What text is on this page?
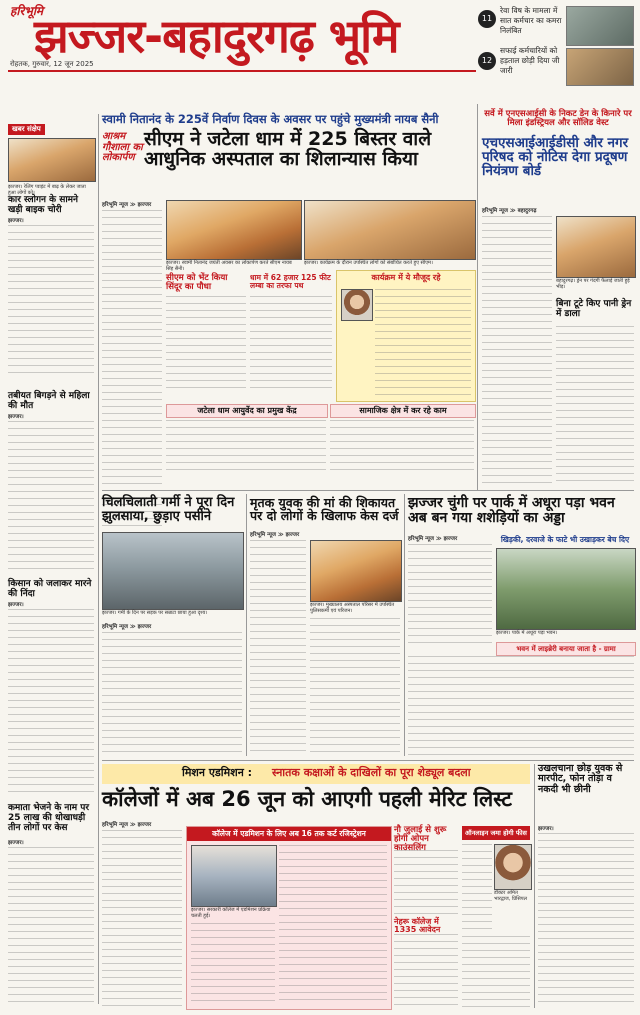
हरिभूमि
झज्जर-बहादुरगढ़ भूमि
रोहतक, गुरुवार, 12 जून 2025
11
रेवा विष के मामला में सात कर्मचार का कमरा निलंबित
12
सफाई कर्मचारियों को हड़ताल छोड़ी दिया जी जारी
खबर संक्षेप
झज्जर। रेलिंग प्वाइंट में बाढ़ के लेकर जाता हुआ लोगों को।
कार स्लोगन के सामने खड़ी बाइक चोरी
झज्जर।
तबीयत बिगड़ने से महिला की मौत
झज्जर।
किसान को जलाकर मारने की निंदा
झज्जर।
कमाता भेजने के नाम पर 25 लाख की धोखाधड़ी तीन लोगों पर केस
झज्जर।
स्वामी नितानंद के 225वें निर्वाण दिवस के अवसर पर पहुंचे मुख्यमंत्री नायब सैनी
आश्रम गौशाला का लोकार्पण
सीएम ने जटेला धाम में 225 बिस्तर वाले आधुनिक अस्पताल का शिलान्यास किया
हरिभूमि न्यूज ≫ झज्जर
झज्जर। स्वामी नितानंद जयंती अवसर का लोकार्पण करते सीएम नायब सिंह सैनी।
झज्जर। कार्यक्रम के दौरान उपस्थित लोगों को संबोधित करते हुए सीएम।
सीएम को भेंट किया सिंदूर का पौधा
धाम में 62 हजार 125 फीट लम्बा का तरफा पथ
कार्यक्रम में ये मौजूद रहे
जटेला धाम आयुर्वेद का प्रमुख केंद्र	सामाजिक क्षेत्र में कर रहे काम
सर्वे में एनएसआईसी के निकट डेन के किनारे पर मिला इंडस्ट्रियल और सॉलिड वेस्ट
एचएसआईआईडीसी और नगर परिषद को नोटिस देगा प्रदूषण नियंत्रण बोर्ड
हरिभूमि न्यूज ≫ बहादुरगढ़
बहादुरगढ़। ड्रेन पर गंदगी फैलाई जाती हुई भीड़।
बिना टूटे किए पानी ड्रेन में डाला
चिलचिलाती गर्मी ने पूरा दिन झुलसाया, छुड़ाए पसीने
झज्जर। गर्मी के दिन पर सड़क पर सन्नाटा छाया हुआ दृश्य।
हरिभूमि न्यूज ≫ झज्जर
मृतक युवक की मां की शिकायत पर दो लोगों के खिलाफ केस दर्ज
हरिभूमि न्यूज ≫ झज्जर
झज्जर। मुख्यालय अस्पताल परिसर में उपस्थित पुलिसकर्मी एवं परिजन।
झज्जर चुंगी पर पार्क में अधूरा पड़ा भवन अब बन गया शशेड़ियों का अड्डा
हरिभूमि न्यूज ≫ झज्जर	खिड़की, दरवाजे के फाटे भी उखाड़कर बेच दिए
झज्जर। पार्क में अधूरा पड़ा भवन।
भवन में लाइब्रेरी बनाया जाता है - ग्रामा
मिशन एडमिशन : स्नातक कक्षाओं के दाखिलों का पूरा शेड्यूल बदला
कॉलेजों में अब 26 जून को आएगी पहली मेरिट लिस्ट
हरिभूमि न्यूज ≫ झज्जर
कॉलेज में एडमिशन के लिए अब 16 तक कर्ट रजिस्ट्रेशन
झज्जर। सरकारी कॉलेज में एडमिशन प्रक्रिया चलती हुई।
नौ जुलाई से शुरू होगी ओपन काउंसलिंग
नेहरू कॉलेज में 1335 आवेदन
ऑनलाइन जमा होगी फीस
डॉक्टर अमित भारद्वाज, प्रिंसिपल
उखलचाना छोड़ युवक से मारपीट, फोन तोड़ा व नकदी भी छीनी
झज्जर।
